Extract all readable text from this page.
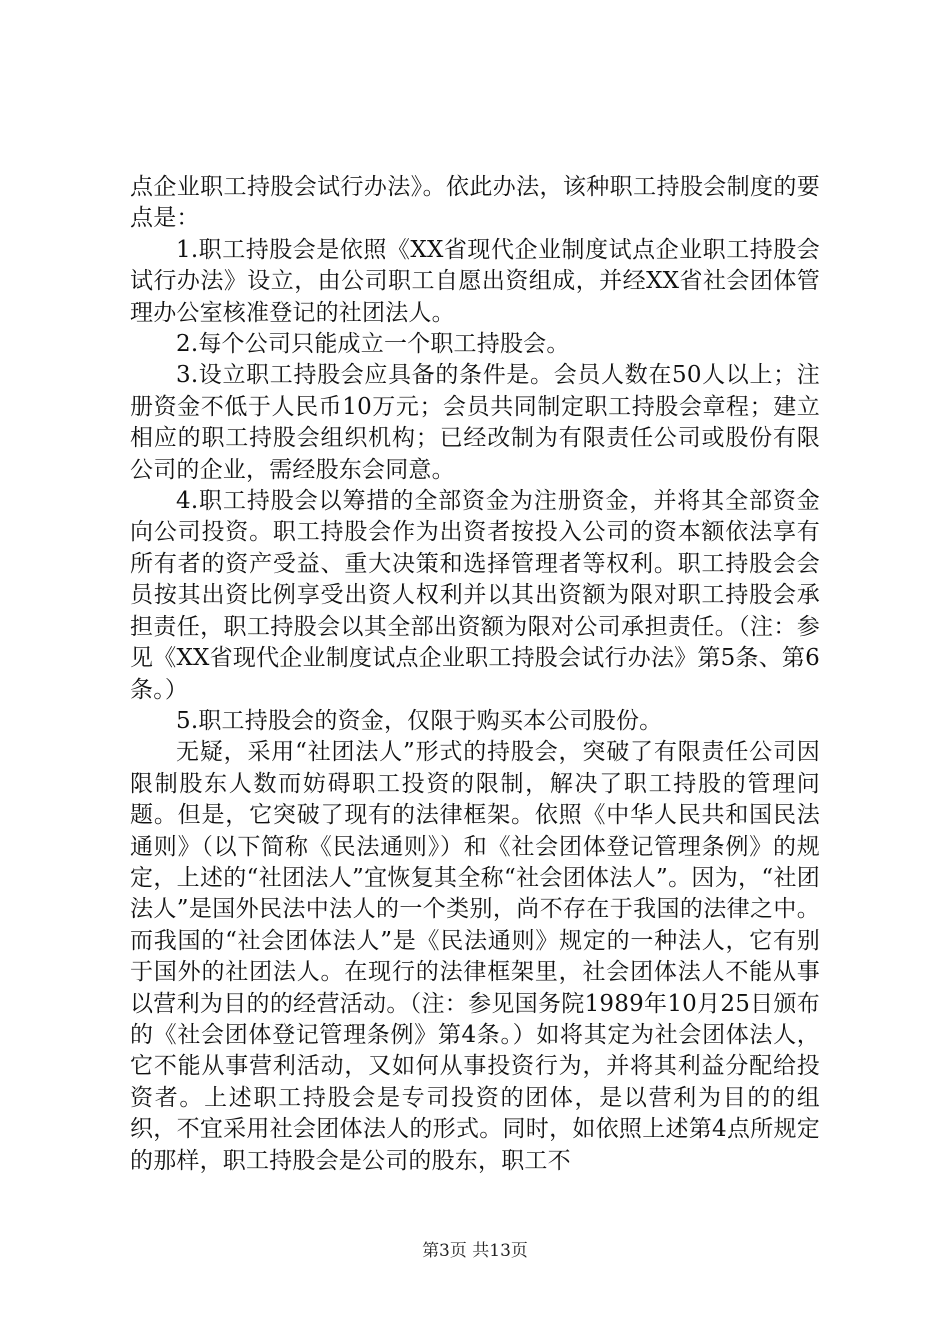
点企业职工持股会试行办法》。依此办法，该种职工持股会制度的要点是：

1.职工持股会是依照《XX省现代企业制度试点企业职工持股会试行办法》设立，由公司职工自愿出资组成，并经XX省社会团体管理办公室核准登记的社团法人。

2.每个公司只能成立一个职工持股会。

3.设立职工持股会应具备的条件是。会员人数在50人以上；注册资金不低于人民币10万元；会员共同制定职工持股会章程；建立相应的职工持股会组织机构；已经改制为有限责任公司或股份有限公司的企业，需经股东会同意。

4.职工持股会以筹措的全部资金为注册资金，并将其全部资金向公司投资。职工持股会作为出资者按投入公司的资本额依法享有所有者的资产受益、重大决策和选择管理者等权利。职工持股会会员按其出资比例享受出资人权利并以其出资额为限对职工持股会承担责任，职工持股会以其全部出资额为限对公司承担责任。（注：参见《XX省现代企业制度试点企业职工持股会试行办法》第5条、第6条。）

5.职工持股会的资金，仅限于购买本公司股份。

无疑，采用“社团法人”形式的持股会，突破了有限责任公司因限制股东人数而妨碍职工投资的限制，解决了职工持股的管理问题。但是，它突破了现有的法律框架。依照《中华人民共和国民法通则》（以下简称《民法通则》）和《社会团体登记管理条例》的规定，上述的“社团法人”宜恢复其全称“社会团体法人”。因为，“社团法人”是国外民法中法人的一个类别，尚不存在于我国的法律之中。而我国的“社会团体法人”是《民法通则》规定的一种法人，它有别于国外的社团法人。在现行的法律框架里，社会团体法人不能从事以营利为目的的经营活动。（注：参见国务院1989年10月25日颁布的《社会团体登记管理条例》第4条。）如将其定为社会团体法人，它不能从事营利活动，又如何从事投资行为，并将其利益分配给投资者。上述职工持股会是专司投资的团体，是以营利为目的的组织，不宜采用社会团体法人的形式。同时，如依照上述第4点所规定的那样，职工持股会是公司的股东，职工不

第3页 共13页
